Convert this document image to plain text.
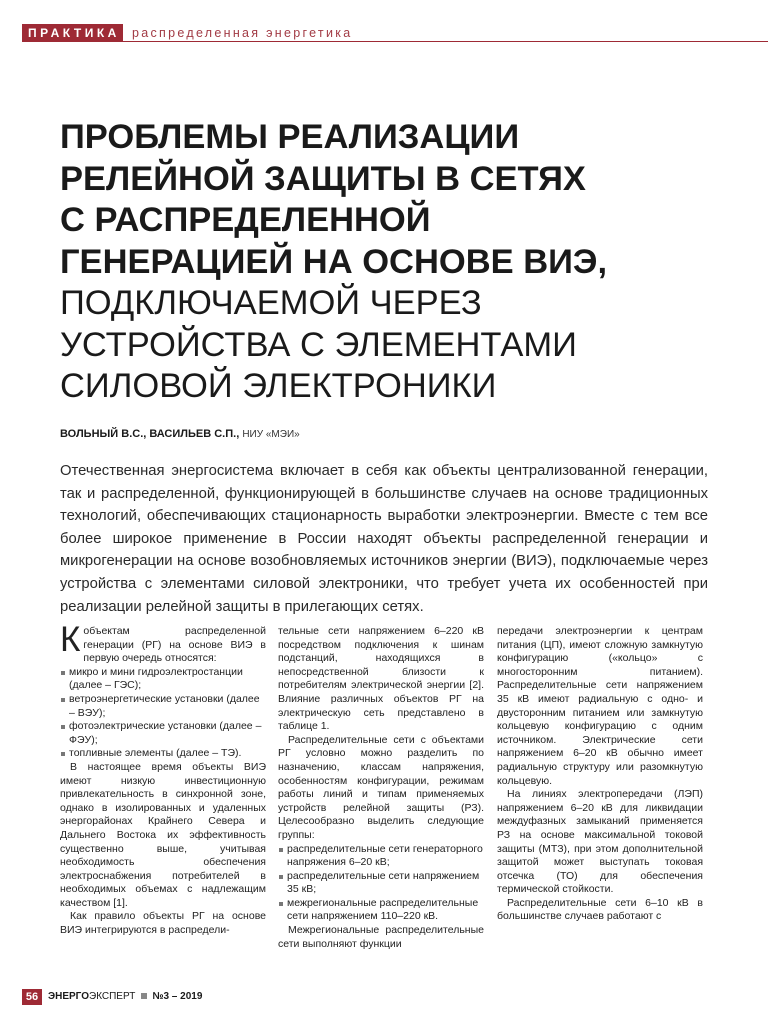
ПРАКТИКА распределенная энергетика
ПРОБЛЕМЫ РЕАЛИЗАЦИИ
РЕЛЕЙНОЙ ЗАЩИТЫ В СЕТЯХ
С РАСПРЕДЕЛЕННОЙ
ГЕНЕРАЦИЕЙ НА ОСНОВЕ ВИЭ,
ПОДКЛЮЧАЕМОЙ ЧЕРЕЗ
УСТРОЙСТВА С ЭЛЕМЕНТАМИ
СИЛОВОЙ ЭЛЕКТРОНИКИ
ВОЛЬНЫЙ В.С., ВАСИЛЬЕВ С.П., НИУ «МЭИ»
Отечественная энергосистема включает в себя как объекты централизованной генерации, так и распределенной, функционирующей в большинстве случаев на основе традиционных технологий, обеспечивающих стационарность выработки электроэнергии. Вместе с тем все более широкое применение в России находят объекты распределенной генерации и микрогенерации на основе возобновляемых источников энергии (ВИЭ), подключаемые через устройства с элементами силовой электроники, что требует учета их особенностей при реализации релейной защиты в прилегающих сетях.

Кобъектам распределенной генерации (РГ) на основе ВИЭ в первую очередь относятся:

микро и мини гидроэлектростанции (далее – ГЭС);
ветроэнергетические установки (далее – ВЭУ);
фотоэлектрические установки (далее – ФЭУ);
топливные элементы (далее – ТЭ).

В настоящее время объекты ВИЭ имеют низкую инвестиционную привлекательность в синхронной зоне, однако в изолированных и удаленных энергорайонах Крайнего Севера и Дальнего Востока их эффективность существенно выше, учитывая необходимость обеспечения электроснабжения потребителей в необходимых объемах с надлежащим качеством [1].

Как правило объекты РГ на основе ВИЭ интегрируются в распредели-

тельные сети напряжением 6–220 кВ посредством подключения к шинам подстанций, находящихся в непосредственной близости к потребителям электрической энергии [2]. Влияние различных объектов РГ на электрическую сеть представлено в таблице 1.

Распределительные сети с объектами РГ условно можно разделить по назначению, классам напряжения, особенностям конфигурации, режимам работы линий и типам применяемых устройств релейной защиты (РЗ). Целесообразно выделить следующие группы:

распределительные сети генераторного напряжения 6–20 кВ;
распределительные сети напряжением 35 кВ;
межрегиональные распределительные сети напряжением 110–220 кВ.

Межрегиональные распределительные сети выполняют функции

передачи электроэнергии к центрам питания (ЦП), имеют сложную замкнутую конфигурацию («кольцо» с многосторонним питанием). Распределительные сети напряжением 35 кВ имеют радиальную с одно- и двусторонним питанием или замкнутую кольцевую конфигурацию с одним источником. Электрические сети напряжением 6–20 кВ обычно имеет радиальную структуру или разомкнутую кольцевую.

На линиях электропередачи (ЛЭП) напряжением 6–20 кВ для ликвидации междуфазных замыканий применяется РЗ на основе максимальной токовой защиты (МТЗ), при этом дополнительной защитой может выступать токовая отсечка (ТО) для обеспечения термической стойкости.

Распределительные сети 6–10 кВ в большинстве случаев работают с

56 ЭНЕРГОЭКСПЕРТ №3 – 2019
